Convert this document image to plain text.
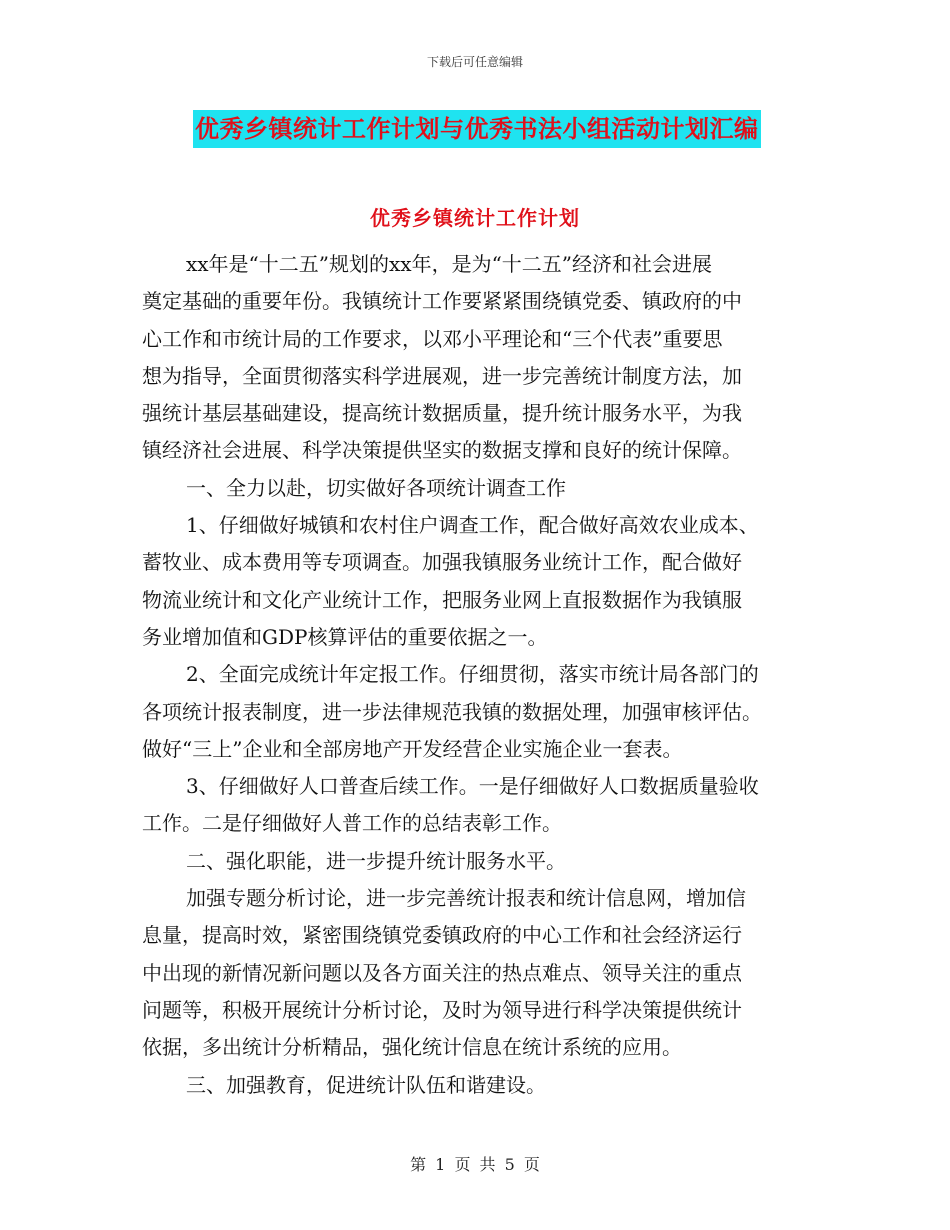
下载后可任意编辑
优秀乡镇统计工作计划与优秀书法小组活动计划汇编
优秀乡镇统计工作计划
xx年是“十二五”规划的xx年，是为“十二五”经济和社会进展
奠定基础的重要年份。我镇统计工作要紧紧围绕镇党委、镇政府的中
心工作和市统计局的工作要求，以邓小平理论和“三个代表”重要思
想为指导，全面贯彻落实科学进展观，进一步完善统计制度方法，加
强统计基层基础建设，提高统计数据质量，提升统计服务水平，为我
镇经济社会进展、科学决策提供坚实的数据支撑和良好的统计保障。
一、全力以赴，切实做好各项统计调查工作
1、仔细做好城镇和农村住户调查工作，配合做好高效农业成本、
蓄牧业、成本费用等专项调查。加强我镇服务业统计工作，配合做好
物流业统计和文化产业统计工作，把服务业网上直报数据作为我镇服
务业增加值和GDP核算评估的重要依据之一。
2、全面完成统计年定报工作。仔细贯彻，落实市统计局各部门的
各项统计报表制度，进一步法律规范我镇的数据处理，加强审核评估。
做好“三上”企业和全部房地产开发经营企业实施企业一套表。
3、仔细做好人口普查后续工作。一是仔细做好人口数据质量验收
工作。二是仔细做好人普工作的总结表彰工作。
二、强化职能，进一步提升统计服务水平。
加强专题分析讨论，进一步完善统计报表和统计信息网，增加信
息量，提高时效，紧密围绕镇党委镇政府的中心工作和社会经济运行
中出现的新情况新问题以及各方面关注的热点难点、领导关注的重点
问题等，积极开展统计分析讨论，及时为领导进行科学决策提供统计
依据，多出统计分析精品，强化统计信息在统计系统的应用。
三、加强教育，促进统计队伍和谐建设。
第 1 页 共 5 页
